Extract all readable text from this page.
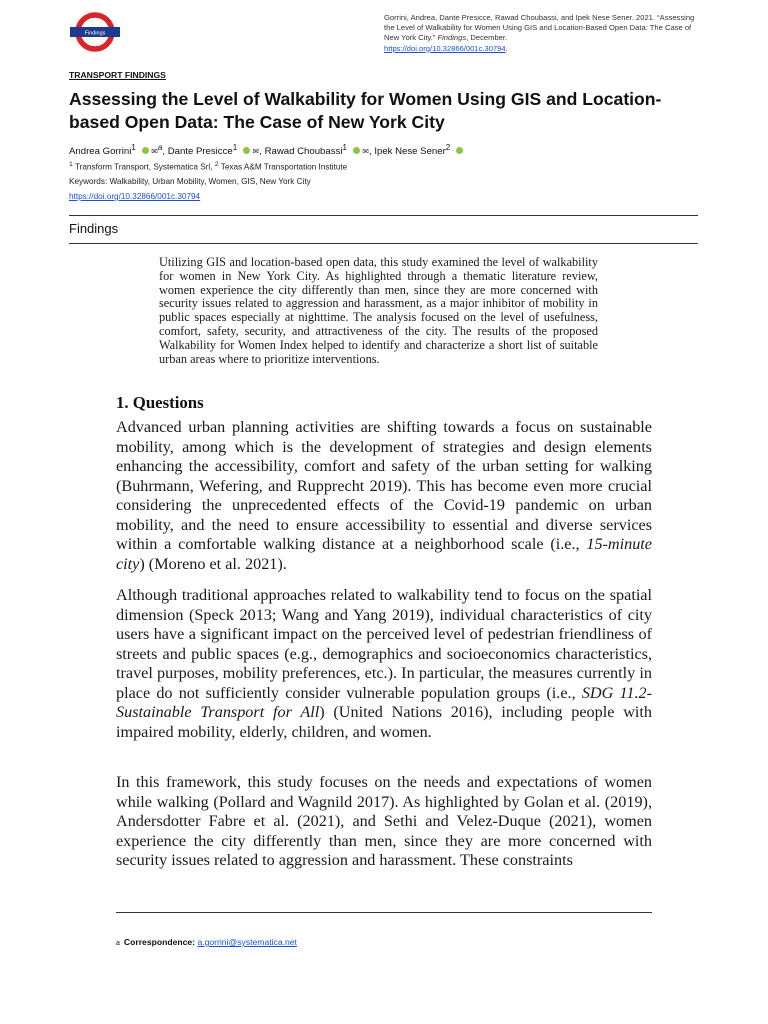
Findings
Gorrini, Andrea, Dante Presicce, Rawad Choubassi, and Ipek Nese Sener. 2021. “Assessing the Level of Walkability for Women Using GIS and Location-Based Open Data: The Case of New York City.” Findings, December.
https://doi.org/10.32866/001c.30794.
TRANSPORT FINDINGS
Assessing the Level of Walkability for Women Using GIS and Location-based Open Data: The Case of New York City
Andrea Gorrini$^1$ ✉$^a$, Dante Presicce$^1$ ✉, Rawad Choubassi$^1$ ✉, Ipek Nese Sener$^2$
$^1$ Transform Transport, Systematica Srl, $^2$ Texas A&M Transportation Institute
Keywords: Walkability, Urban Mobility, Women, GIS, New York City
https://doi.org/10.32866/001c.30794
Findings

Utilizing GIS and location-based open data, this study examined the level of walkability for women in New York City. As highlighted through a thematic literature review, women experience the city differently than men, since they are more concerned with security issues related to aggression and harassment, as a major inhibitor of mobility in public spaces especially at nighttime. The analysis focused on the level of usefulness, comfort, safety, security, and attractiveness of the city. The results of the proposed Walkability for Women Index helped to identify and characterize a short list of suitable urban areas where to prioritize interventions.

1. Questions

Advanced urban planning activities are shifting towards a focus on sustainable mobility, among which is the development of strategies and design elements enhancing the accessibility, comfort and safety of the urban setting for walking (Buhrmann, Wefering, and Rupprecht 2019). This has become even more crucial considering the unprecedented effects of the Covid-19 pandemic on urban mobility, and the need to ensure accessibility to essential and diverse services within a comfortable walking distance at a neighborhood scale (i.e., 15-minute city) (Moreno et al. 2021).

Although traditional approaches related to walkability tend to focus on the spatial dimension (Speck 2013; Wang and Yang 2019), individual characteristics of city users have a significant impact on the perceived level of pedestrian friendliness of streets and public spaces (e.g., demographics and socioeconomics characteristics, travel purposes, mobility preferences, etc.). In particular, the measures currently in place do not sufficiently consider vulnerable population groups (i.e., SDG 11.2-Sustainable Transport for All) (United Nations 2016), including people with impaired mobility, elderly, children, and women.

In this framework, this study focuses on the needs and expectations of women while walking (Pollard and Wagnild 2017). As highlighted by Golan et al. (2019), Andersdotter Fabre et al. (2021), and Sethi and Velez-Duque (2021), women experience the city differently than men, since they are more concerned with security issues related to aggression and harassment. These constraints

a Correspondence: a.gorrini@systematica.net
